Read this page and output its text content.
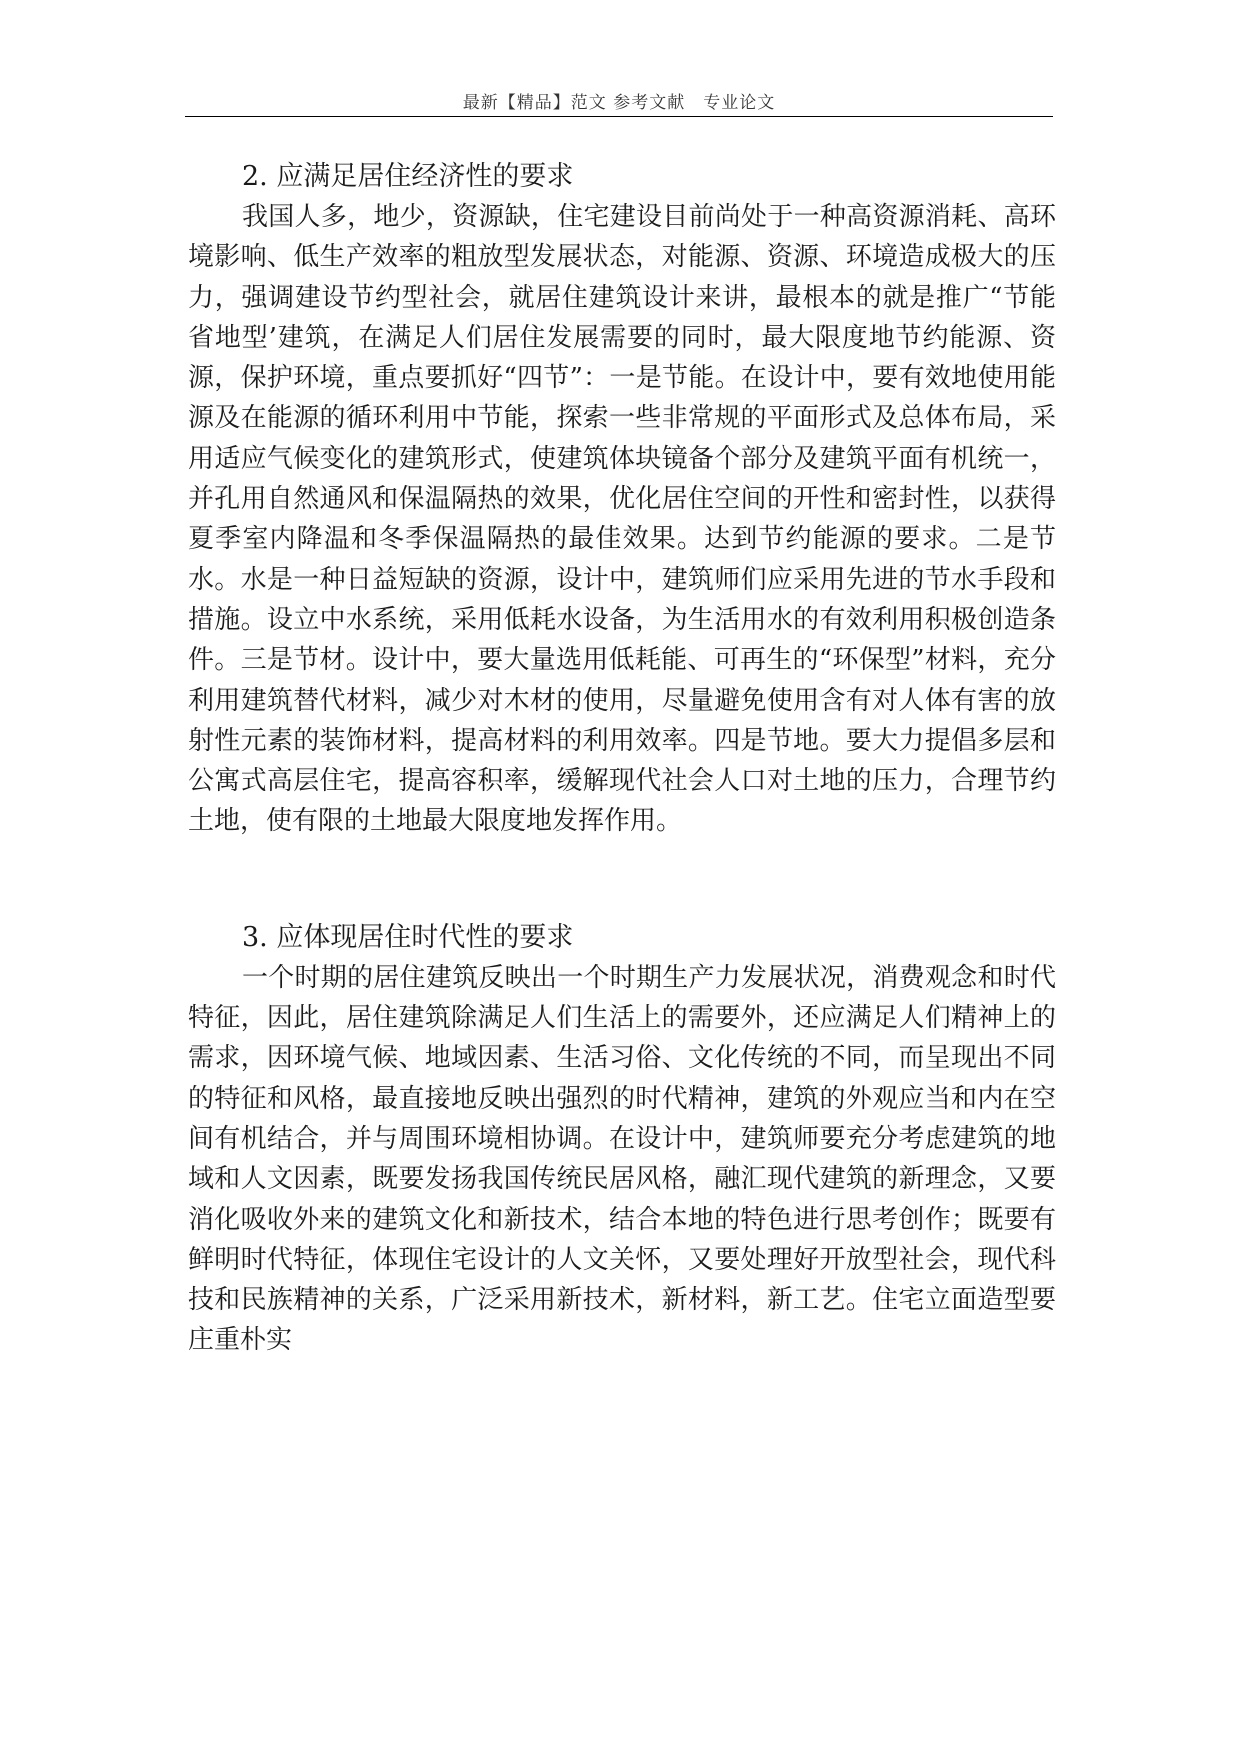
最新【精品】范文 参考文献　专业论文
2. 应满足居住经济性的要求

我国人多，地少，资源缺，住宅建设目前尚处于一种高资源消耗、高环境影响、低生产效率的粗放型发展状态，对能源、资源、环境造成极大的压力，强调建设节约型社会，就居住建筑设计来讲，最根本的就是推广“节能省地型’建筑，在满足人们居住发展需要的同时，最大限度地节约能源、资源，保护环境，重点要抓好“四节”：一是节能。在设计中，要有效地使用能源及在能源的循环利用中节能，探索一些非常规的平面形式及总体布局，采用适应气候变化的建筑形式，使建筑体块镜备个部分及建筑平面有机统一，并孔用自然通风和保温隔热的效果，优化居住空间的开性和密封性，以获得夏季室内降温和冬季保温隔热的最佳效果。达到节约能源的要求。二是节水。水是一种日益短缺的资源，设计中，建筑师们应采用先进的节水手段和措施。设立中水系统，采用低耗水设备，为生活用水的有效利用积极创造条件。三是节材。设计中，要大量选用低耗能、可再生的“环保型”材料，充分利用建筑替代材料，减少对木材的使用，尽量避免使用含有对人体有害的放射性元素的装饰材料，提高材料的利用效率。四是节地。要大力提倡多层和公寓式高层住宅，提高容积率，缓解现代社会人口对土地的压力，合理节约土地，使有限的土地最大限度地发挥作用。

3. 应体现居住时代性的要求

一个时期的居住建筑反映出一个时期生产力发展状况，消费观念和时代特征，因此，居住建筑除满足人们生活上的需要外，还应满足人们精神上的需求，因环境气候、地域因素、生活习俗、文化传统的不同，而呈现出不同的特征和风格，最直接地反映出强烈的时代精神，建筑的外观应当和内在空间有机结合，并与周围环境相协调。在设计中，建筑师要充分考虑建筑的地域和人文因素，既要发扬我国传统民居风格，融汇现代建筑的新理念，又要消化吸收外来的建筑文化和新技术，结合本地的特色进行思考创作；既要有鲜明时代特征，体现住宅设计的人文关怀，又要处理好开放型社会，现代科技和民族精神的关系，广泛采用新技术，新材料，新工艺。住宅立面造型要庄重朴实
